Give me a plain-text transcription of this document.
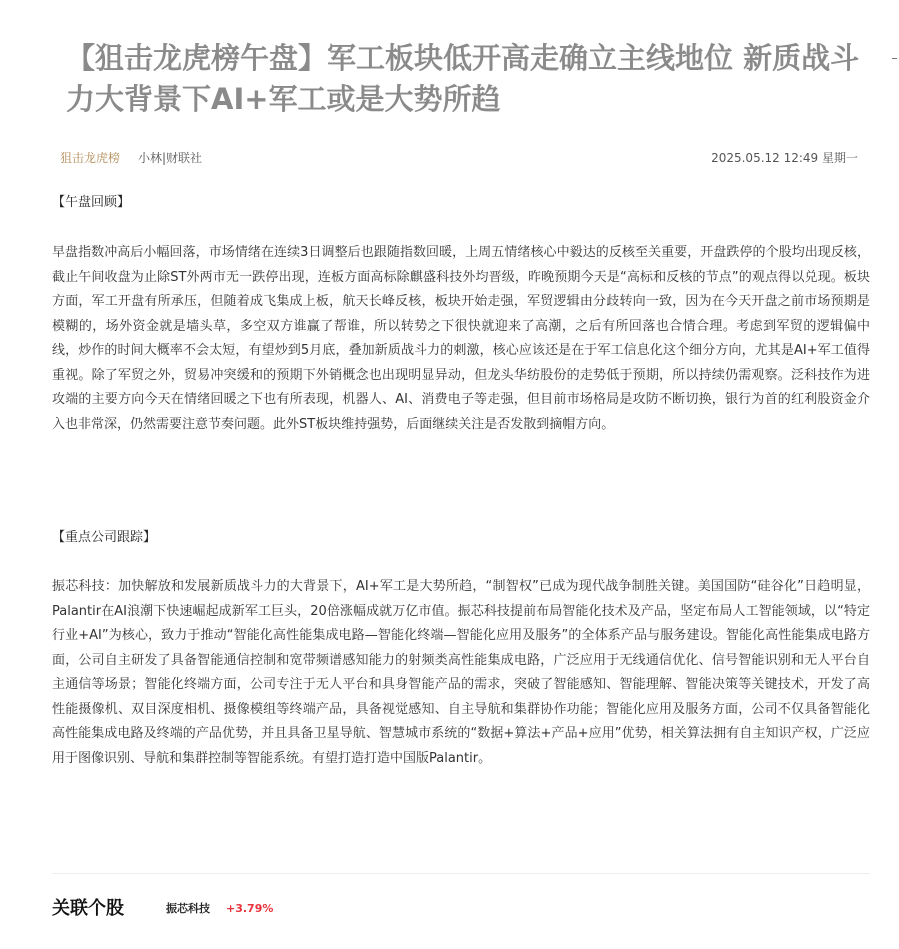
【狙击龙虎榜午盘】军工板块低开高走确立主线地位 新质战斗力大背景下AI+军工或是大势所趋
狙击龙虎榜 小林|财联社	2025.05.12 12:49 星期一
【午盘回顾】

早盘指数冲高后小幅回落，市场情绪在连续3日调整后也跟随指数回暖，上周五情绪核心中毅达的反核至关重要，开盘跌停的个股均出现反核，截止午间收盘为止除ST外两市无一跌停出现，连板方面高标除麒盛科技外均晋级，昨晚预期今天是“高标和反核的节点”的观点得以兑现。板块方面，军工开盘有所承压，但随着成飞集成上板，航天长峰反核，板块开始走强，军贸逻辑由分歧转向一致，因为在今天开盘之前市场预期是模糊的，场外资金就是墙头草，多空双方谁赢了帮谁，所以转势之下很快就迎来了高潮，之后有所回落也合情合理。考虑到军贸的逻辑偏中线，炒作的时间大概率不会太短，有望炒到5月底，叠加新质战斗力的刺激，核心应该还是在于军工信息化这个细分方向，尤其是AI+军工值得重视。除了军贸之外，贸易冲突缓和的预期下外销概念也出现明显异动，但龙头华纺股份的走势低于预期，所以持续仍需观察。泛科技作为进攻端的主要方向今天在情绪回暖之下也有所表现，机器人、AI、消费电子等走强，但目前市场格局是攻防不断切换，银行为首的红利股资金介入也非常深，仍然需要注意节奏问题。此外ST板块维持强势，后面继续关注是否发散到摘帽方向。

【重点公司跟踪】

振芯科技：加快解放和发展新质战斗力的大背景下，AI+军工是大势所趋，“制智权”已成为现代战争制胜关键。美国国防“硅谷化”日趋明显，Palantir在AI浪潮下快速崛起成新军工巨头，20倍涨幅成就万亿市值。振芯科技提前布局智能化技术及产品，坚定布局人工智能领域，以“特定行业+AI”为核心，致力于推动“智能化高性能集成电路—智能化终端—智能化应用及服务”的全体系产品与服务建设。智能化高性能集成电路方面，公司自主研发了具备智能通信控制和宽带频谱感知能力的射频类高性能集成电路，广泛应用于无线通信优化、信号智能识别和无人平台自主通信等场景；智能化终端方面，公司专注于无人平台和具身智能产品的需求，突破了智能感知、智能理解、智能决策等关键技术，开发了高性能摄像机、双目深度相机、摄像模组等终端产品，具备视觉感知、自主导航和集群协作功能；智能化应用及服务方面，公司不仅具备智能化高性能集成电路及终端的产品优势，并且具备卫星导航、智慧城市系统的“数据+算法+产品+应用”优势，相关算法拥有自主知识产权，广泛应用于图像识别、导航和集群控制等智能系统。有望打造打造中国版Palantir。

关联个股	振芯科技 +3.79%
